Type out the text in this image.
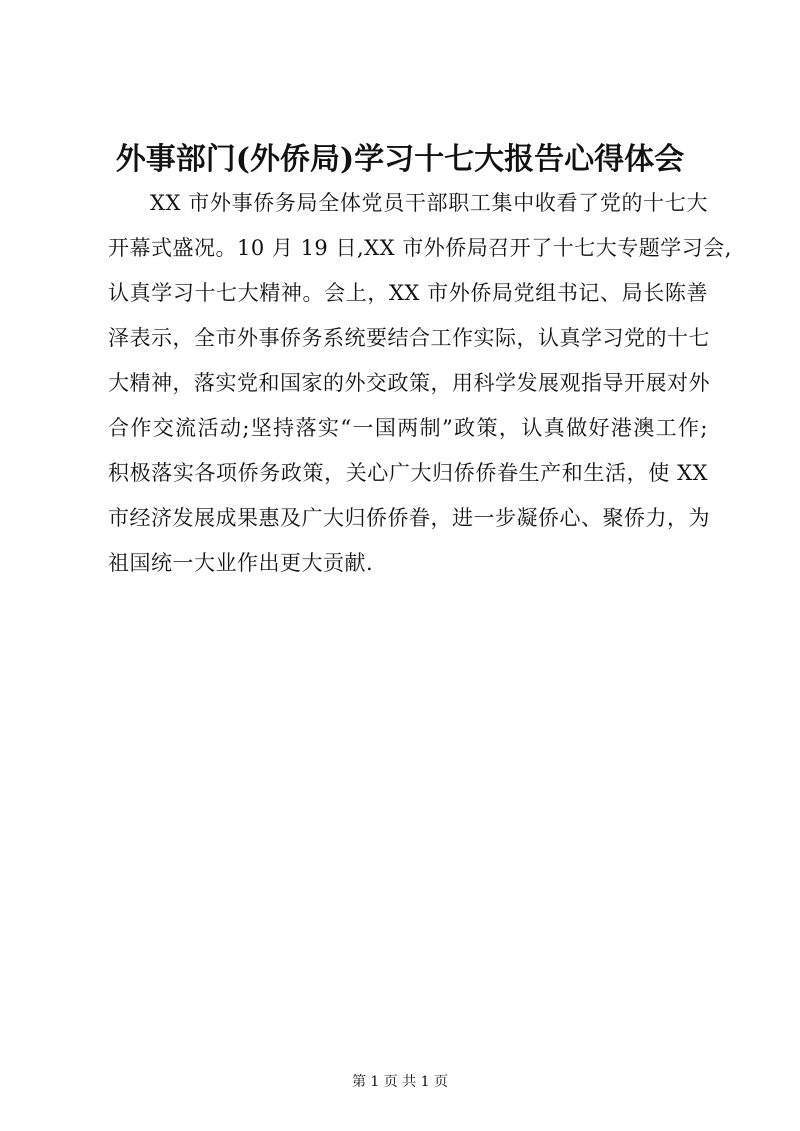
外事部门(外侨局)学习十七大报告心得体会
XX 市外事侨务局全体党员干部职工集中收看了党的十七大
开幕式盛况。10 月 19 日,XX 市外侨局召开了十七大专题学习会,
认真学习十七大精神。会上，XX 市外侨局党组书记、局长陈善
泽表示，全市外事侨务系统要结合工作实际，认真学习党的十七
大精神，落实党和国家的外交政策，用科学发展观指导开展对外
合作交流活动;坚持落实“一国两制”政策，认真做好港澳工作;
积极落实各项侨务政策，关心广大归侨侨眷生产和生活，使 XX
市经济发展成果惠及广大归侨侨眷，进一步凝侨心、聚侨力，为
祖国统一大业作出更大贡献.
第 1 页 共 1 页
